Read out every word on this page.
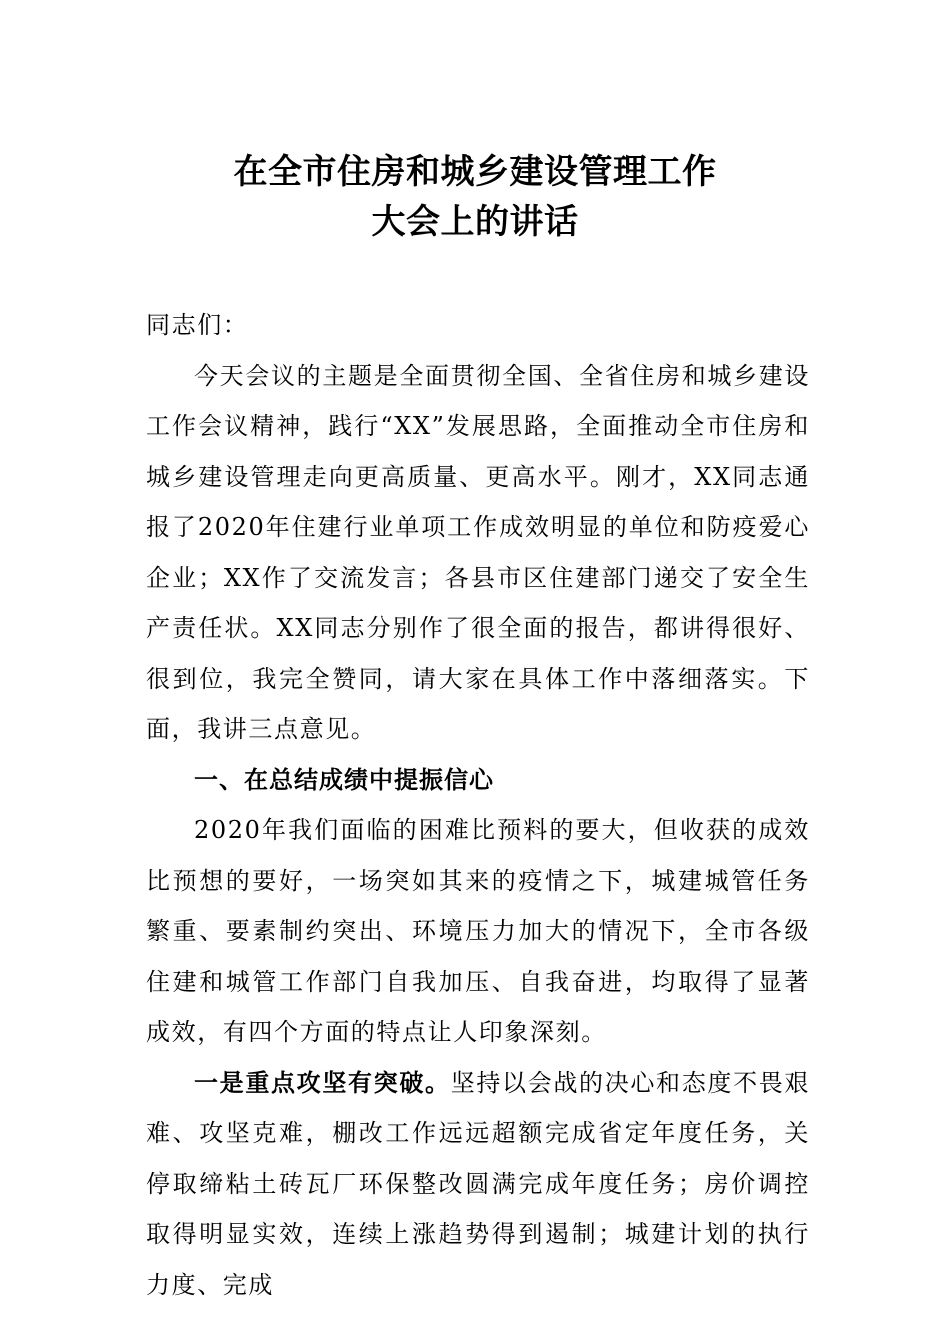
在全市住房和城乡建设管理工作
大会上的讲话

同志们：

今天会议的主题是全面贯彻全国、全省住房和城乡建设工作会议精神，践行“XX”发展思路，全面推动全市住房和城乡建设管理走向更高质量、更高水平。刚才，XX同志通报了2020年住建行业单项工作成效明显的单位和防疫爱心企业；XX作了交流发言；各县市区住建部门递交了安全生产责任状。XX同志分别作了很全面的报告，都讲得很好、很到位，我完全赞同，请大家在具体工作中落细落实。下面，我讲三点意见。

一、在总结成绩中提振信心

2020年我们面临的困难比预料的要大，但收获的成效比预想的要好，一场突如其来的疫情之下，城建城管任务繁重、要素制约突出、环境压力加大的情况下，全市各级住建和城管工作部门自我加压、自我奋进，均取得了显著成效，有四个方面的特点让人印象深刻。

一是重点攻坚有突破。坚持以会战的决心和态度不畏艰难、攻坚克难，棚改工作远远超额完成省定年度任务，关停取缔粘土砖瓦厂环保整改圆满完成年度任务；房价调控取得明显实效，连续上涨趋势得到遏制；城建计划的执行力度、完成
